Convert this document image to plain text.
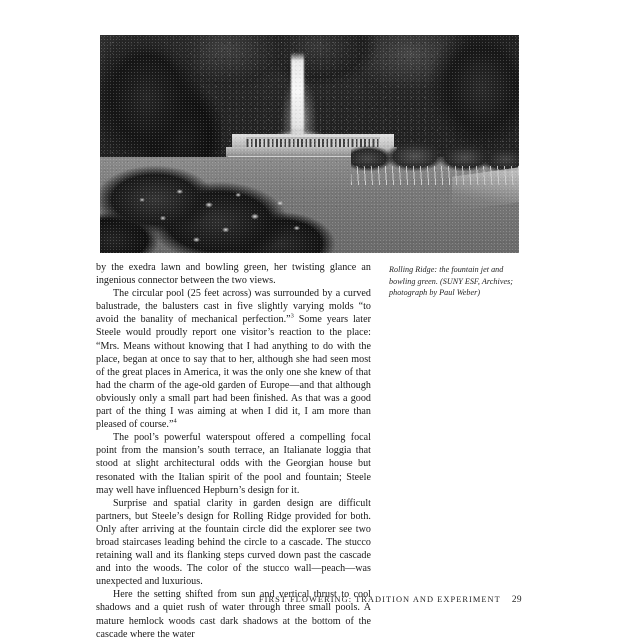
Rolling Ridge: the fountain jet and bowling green. (SUNY ESF, Archives; photograph by Paul Weber)

by the exedra lawn and bowling green, her twisting glance an ingenious connector between the two views.

The circular pool (25 feet across) was surrounded by a curved balustrade, the balusters cast in five slightly varying molds “to avoid the banality of mechanical perfection.”$^3$ Some years later Steele would proudly report one visitor’s reaction to the place: “Mrs. Means without knowing that I had anything to do with the place, began at once to say that to her, although she had seen most of the great places in America, it was the only one she knew of that had the charm of the age-old garden of Europe—and that although obviously only a small part had been finished. As that was a good part of the thing I was aiming at when I did it, I am more than pleased of course.”$^4$

The pool’s powerful waterspout offered a compelling focal point from the mansion’s south terrace, an Italianate loggia that stood at slight architectural odds with the Georgian house but resonated with the Italian spirit of the pool and fountain; Steele may well have influenced Hepburn’s design for it.

Surprise and spatial clarity in garden design are difficult partners, but Steele’s design for Rolling Ridge provided for both. Only after arriving at the fountain circle did the explorer see two broad staircases leading behind the circle to a cascade. The stucco retaining wall and its flanking steps curved down past the cascade and into the woods. The color of the stucco wall—peach—was unexpected and luxurious.

Here the setting shifted from sun and vertical thrust to cool shadows and a quiet rush of water through three small pools. A mature hemlock woods cast dark shadows at the bottom of the cascade where the water

FIRST FLOWERING: TRADITION AND EXPERIMENT 29
